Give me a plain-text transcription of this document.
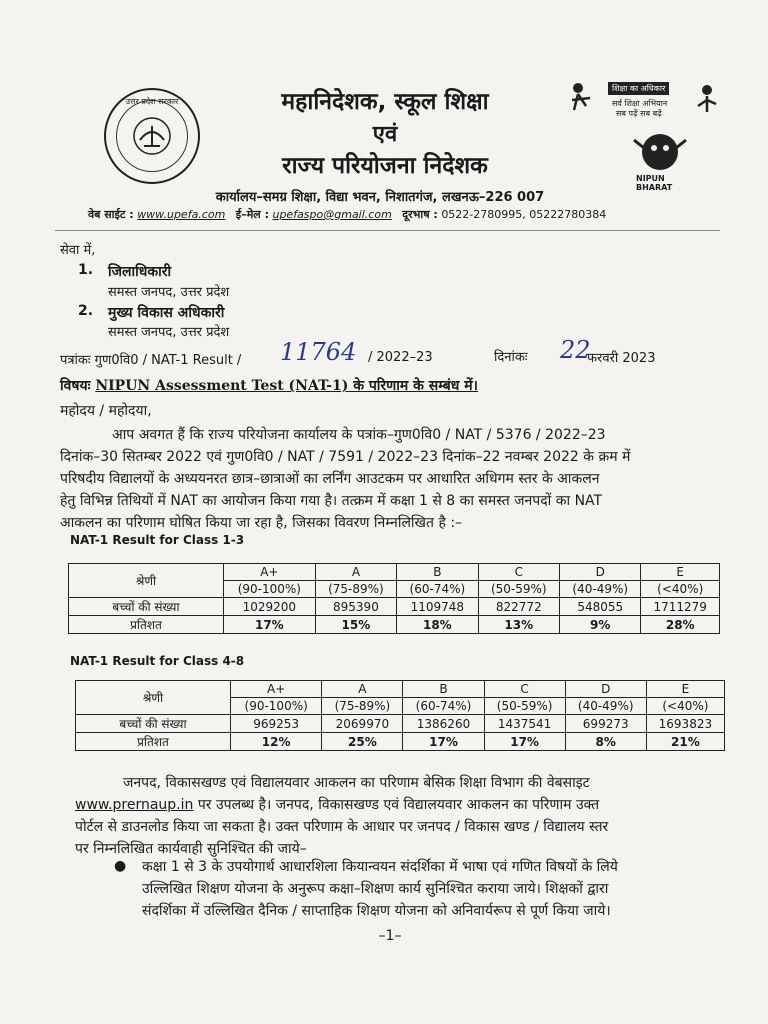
उत्तर प्रदेश सरकार	महानिदेशक, स्कूल शिक्षा
एवं
राज्य परियोजना निदेशक
कार्यालय–समग्र शिक्षा, विद्या भवन, निशातगंज, लखनऊ–226 007
वेब साईट : www.upefa.com ई–मेल : upefaspo@gmail.com दूरभाष : 0522-2780995, 05222780384
शिक्षा का अधिकार
सर्व शिक्षा अभियान
सब पढ़ें सब बढ़ें
NIPUN BHARAT
सेवा में,
1. जिलाधिकारी
समस्त जनपद, उत्तर प्रदेश
2. मुख्य विकास अधिकारी
समस्त जनपद, उत्तर प्रदेश
पत्रांकः गुण0वि0 / NAT-1 Result / 11764 / 2022–23	दिनांकः 22
फरवरी 2023
विषयः NIPUN Assessment Test (NAT-1) के परिणाम के सम्बंध में।
महोदय / महोदया,
आप अवगत हैं कि राज्य परियोजना कार्यालय के पत्रांक–गुण0वि0 / NAT / 5376 / 2022–23
दिनांक–30 सितम्बर 2022 एवं गुण0वि0 / NAT / 7591 / 2022–23 दिनांक–22 नवम्बर 2022 के क्रम में
परिषदीय विद्यालयों के अध्ययनरत छात्र–छात्राओं का लर्निंग आउटकम पर आधारित अधिगम स्तर के आकलन
हेतु विभिन्न तिथियों में NAT का आयोजन किया गया है। तत्क्रम में कक्षा 1 से 8 का समस्त जनपदों का NAT
आकलन का परिणाम घोषित किया जा रहा है, जिसका विवरण निम्नलिखित है :–
NAT-1 Result for Class 1-3
श्रेणी	A+	A	B	C	D	E
	(90-100%)	(75-89%)	(60-74%)	(50-59%)	(40-49%)	(<40%)
बच्चों की संख्या	1029200	895390	1109748	822772	548055	1711279
प्रतिशत	17%	15%	18%	13%	9%	28%
NAT-1 Result for Class 4-8
श्रेणी	A+	A	B	C	D	E
	(90-100%)	(75-89%)	(60-74%)	(50-59%)	(40-49%)	(<40%)
बच्चों की संख्या	969253	2069970	1386260	1437541	699273	1693823
प्रतिशत	12%	25%	17%	17%	8%	21%
जनपद, विकासखण्ड एवं विद्यालयवार आकलन का परिणाम बेसिक शिक्षा विभाग की वेबसाइट
www.prernaup.in पर उपलब्ध है। जनपद, विकासखण्ड एवं विद्यालयवार आकलन का परिणाम उक्त
पोर्टल से डाउनलोड किया जा सकता है। उक्त परिणाम के आधार पर जनपद / विकास खण्ड / विद्यालय स्तर
पर निम्नलिखित कार्यवाही सुनिश्चित की जाये–
● कक्षा 1 से 3 के उपयोगार्थ आधारशिला कियान्वयन संदर्शिका में भाषा एवं गणित विषयों के लिये
उल्लिखित शिक्षण योजना के अनुरूप कक्षा–शिक्षण कार्य सुनिश्चित कराया जाये। शिक्षकों द्वारा
संदर्शिका में उल्लिखित दैनिक / साप्ताहिक शिक्षण योजना को अनिवार्यरूप से पूर्ण किया जाये।
–1–
